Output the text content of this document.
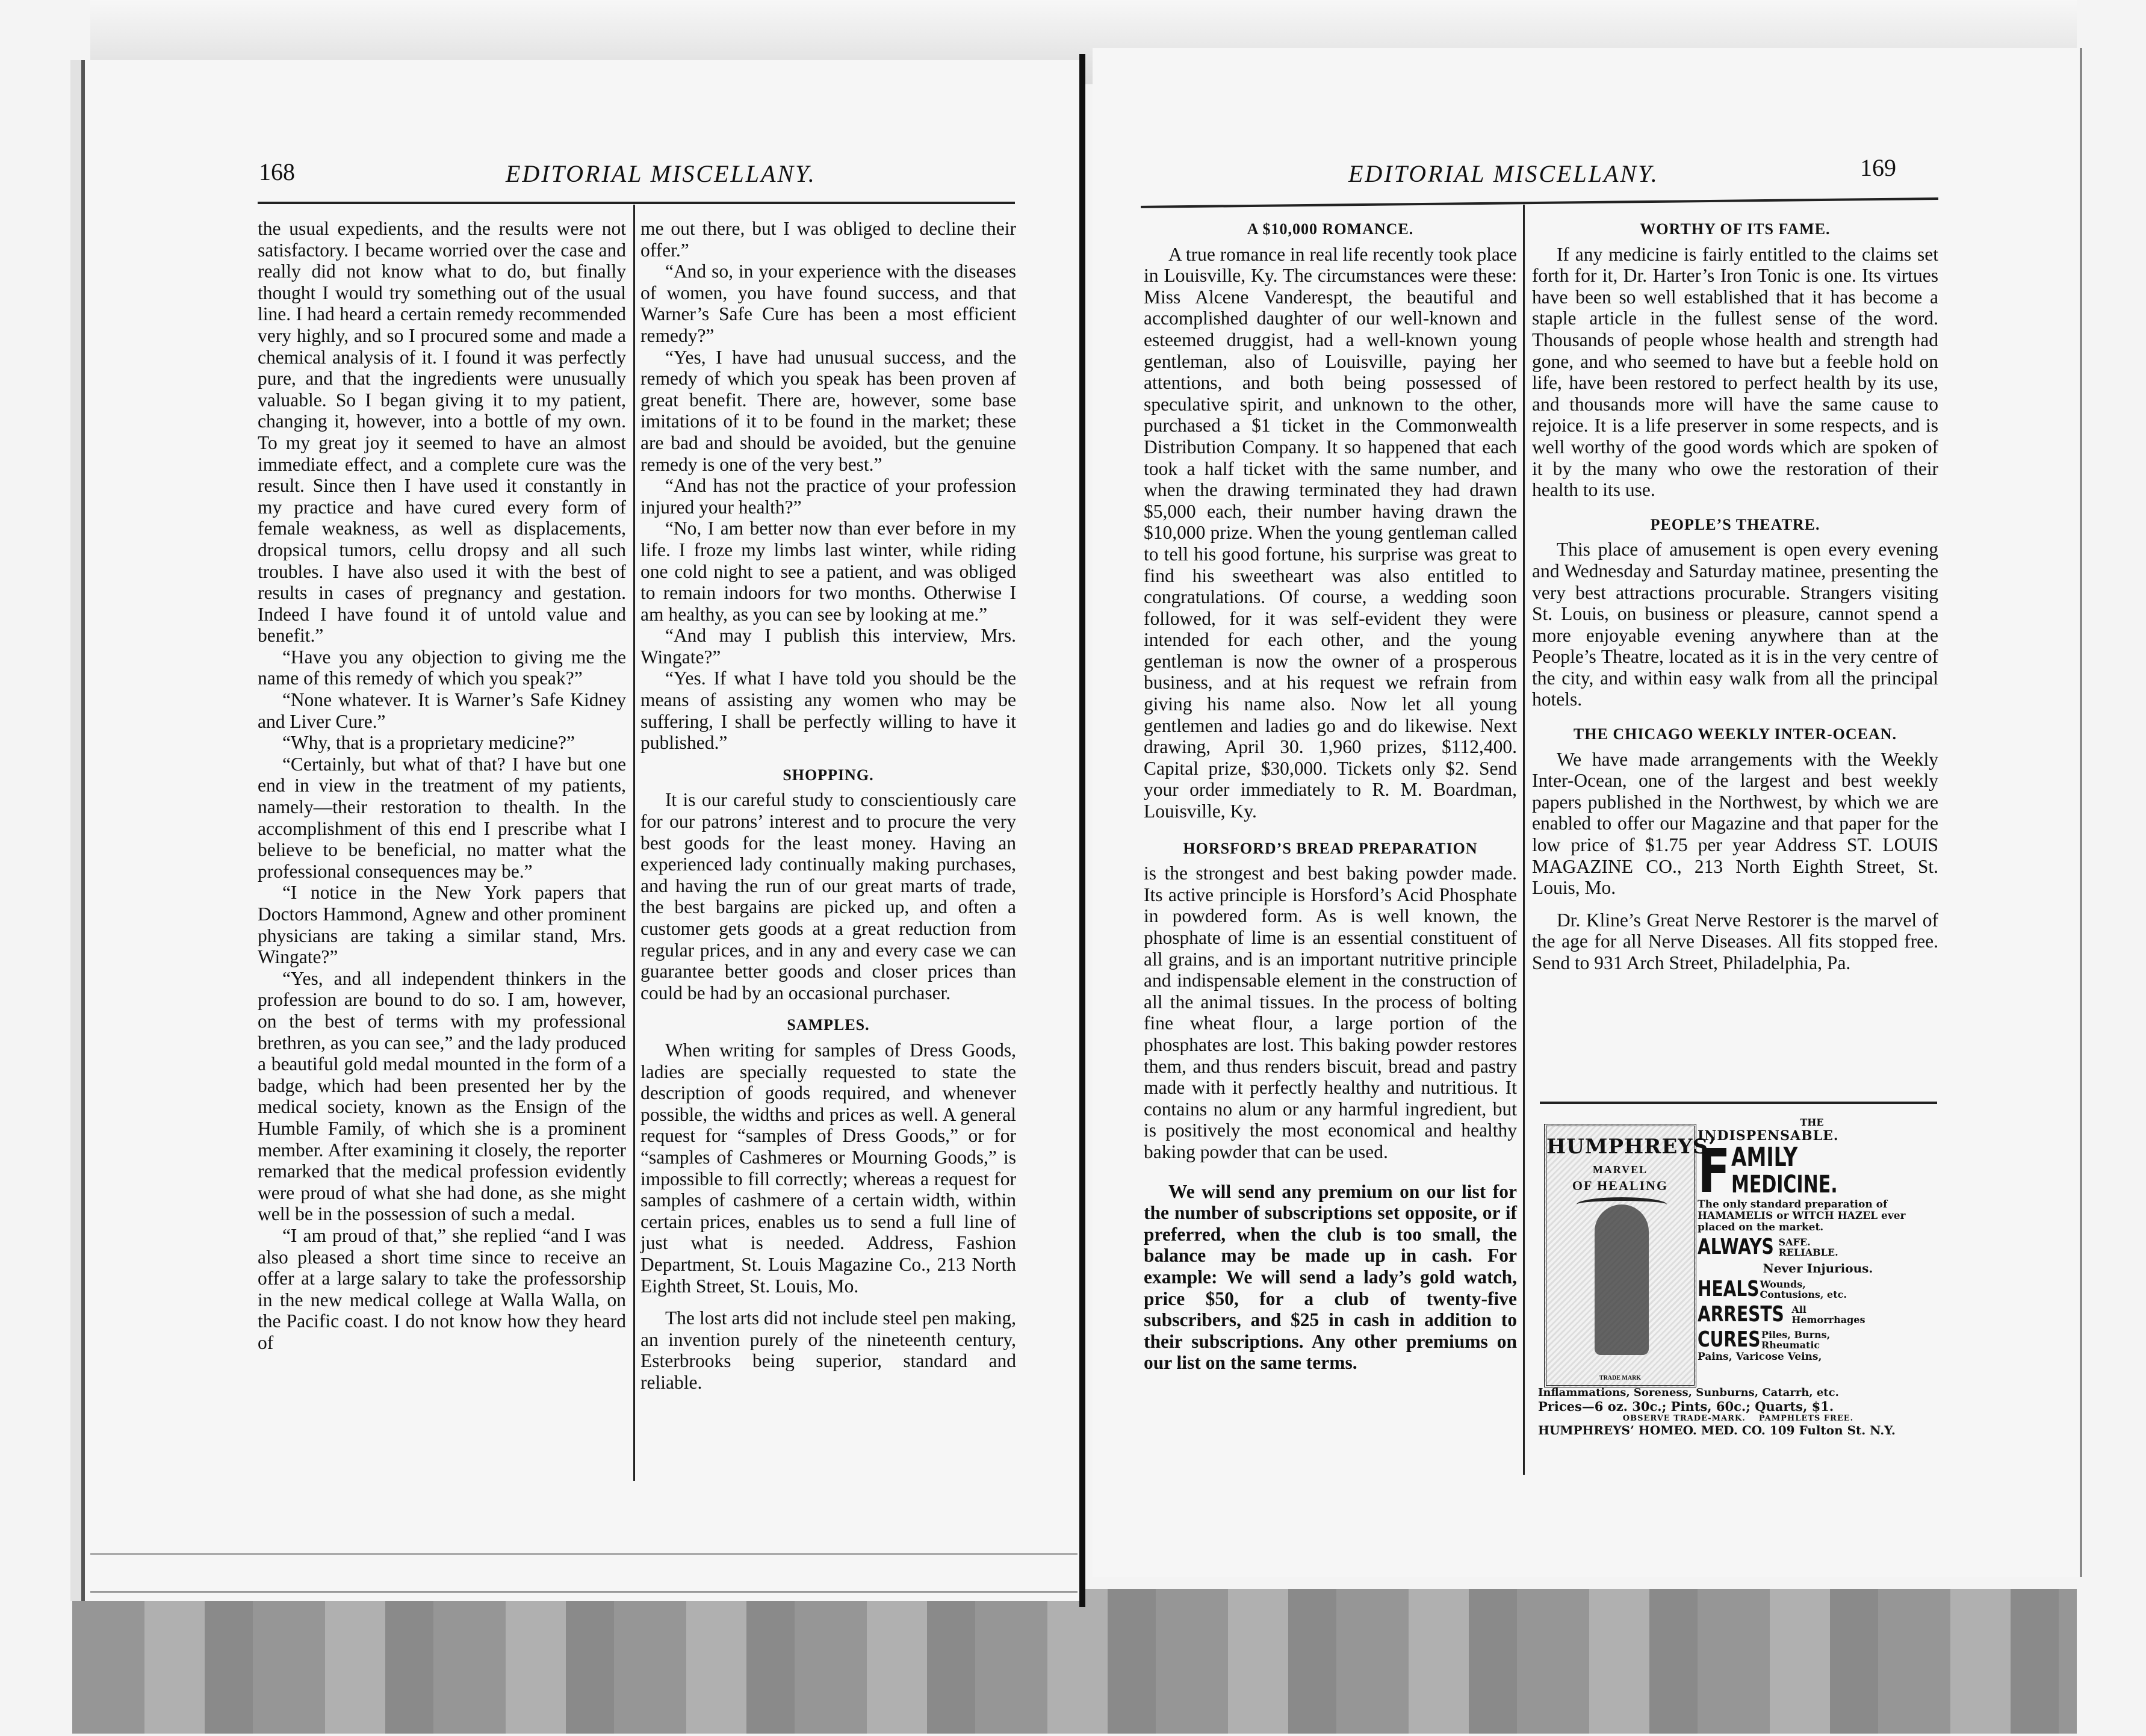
168	EDITORIAL MISCELLANY.

the usual expedients, and the results were not satisfactory. I became worried over the case and really did not know what to do, but finally thought I would try something out of the usual line. I had heard a certain remedy recommended very highly, and so I procured some and made a chemical analysis of it. I found it was perfectly pure, and that the ingredients were unusually valuable. So I began giving it to my patient, changing it, however, into a bottle of my own. To my great joy it seemed to have an almost immediate effect, and a complete cure was the result. Since then I have used it constantly in my practice and have cured every form of female weakness, as well as displacements, dropsical tumors, cellu dropsy and all such troubles. I have also used it with the best of results in cases of pregnancy and gestation. Indeed I have found it of untold value and benefit.”

“Have you any objection to giving me the name of this remedy of which you speak?”

“None whatever. It is Warner’s Safe Kidney and Liver Cure.”

“Why, that is a proprietary medicine?”

“Certainly, but what of that? I have but one end in view in the treatment of my patients, namely—their restoration to thealth. In the accomplishment of this end I prescribe what I believe to be beneficial, no matter what the professional consequences may be.”

“I notice in the New York papers that Doctors Hammond, Agnew and other prominent physicians are taking a similar stand, Mrs. Wingate?”

“Yes, and all independent thinkers in the profession are bound to do so. I am, however, on the best of terms with my professional brethren, as you can see,” and the lady produced a beautiful gold medal mounted in the form of a badge, which had been presented her by the medical society, known as the Ensign of the Humble Family, of which she is a prominent member. After examining it closely, the reporter remarked that the medical profession evidently were proud of what she had done, as she might well be in the possession of such a medal.

“I am proud of that,” she replied “and I was also pleased a short time since to receive an offer at a large salary to take the professorship in the new medical college at Walla Walla, on the Pacific coast. I do not know how they heard of

me out there, but I was obliged to decline their offer.”

“And so, in your experience with the diseases of women, you have found success, and that Warner’s Safe Cure has been a most efficient remedy?”

“Yes, I have had unusual success, and the remedy of which you speak has been proven af great benefit. There are, however, some base imitations of it to be found in the market; these are bad and should be avoided, but the genuine remedy is one of the very best.”

“And has not the practice of your profession injured your health?”

“No, I am better now than ever before in my life. I froze my limbs last winter, while riding one cold night to see a patient, and was obliged to remain indoors for two months. Otherwise I am healthy, as you can see by looking at me.”

“And may I publish this interview, Mrs. Wingate?”

“Yes. If what I have told you should be the means of assisting any women who may be suffering, I shall be perfectly willing to have it published.”

SHOPPING.

It is our careful study to conscientiously care for our patrons’ interest and to procure the very best goods for the least money. Having an experienced lady continually making purchases, and having the run of our great marts of trade, the best bargains are picked up, and often a customer gets goods at a great reduction from regular prices, and in any and every case we can guarantee better goods and closer prices than could be had by an occasional purchaser.

SAMPLES.

When writing for samples of Dress Goods, ladies are specially requested to state the description of goods required, and whenever possible, the widths and prices as well. A general request for “samples of Dress Goods,” or for “samples of Cashmeres or Mourning Goods,” is impossible to fill correctly; whereas a request for samples of cashmere of a certain width, within certain prices, enables us to send a full line of just what is needed. Address, Fashion Department, St. Louis Magazine Co., 213 North Eighth Street, St. Louis, Mo.

The lost arts did not include steel pen making, an invention purely of the nineteenth century, Esterbrooks being superior, standard and reliable.

EDITORIAL MISCELLANY.	169
A $10,000 ROMANCE.

A true romance in real life recently took place in Louisville, Ky. The circumstances were these: Miss Alcene Vanderespt, the beautiful and accomplished daughter of our well-known and esteemed druggist, had a well-known young gentleman, also of Louisville, paying her attentions, and both being possessed of speculative spirit, and unknown to the other, purchased a $1 ticket in the Commonwealth Distribution Company. It so happened that each took a half ticket with the same number, and when the drawing terminated they had drawn $5,000 each, their number having drawn the $10,000 prize. When the young gentleman called to tell his good fortune, his surprise was great to find his sweetheart was also entitled to congratulations. Of course, a wedding soon followed, for it was self-evident they were intended for each other, and the young gentleman is now the owner of a prosperous business, and at his request we refrain from giving his name also. Now let all young gentlemen and ladies go and do likewise. Next drawing, April 30. 1,960 prizes, $112,400. Capital prize, $30,000. Tickets only $2. Send your order immediately to R. M. Boardman, Louisville, Ky.

HORSFORD’S BREAD PREPARATION

is the strongest and best baking powder made. Its active principle is Horsford’s Acid Phosphate in powdered form. As is well known, the phosphate of lime is an essential constituent of all grains, and is an important nutritive principle and indispensable element in the construction of all the animal tissues. In the process of bolting fine wheat flour, a large portion of the phosphates are lost. This baking powder restores them, and thus renders biscuit, bread and pastry made with it perfectly healthy and nutritious. It contains no alum or any harmful ingredient, but is positively the most economical and healthy baking powder that can be used.

We will send any premium on our list for the number of subscriptions set opposite, or if preferred, when the club is too small, the balance may be made up in cash. For example: We will send a lady’s gold watch, price $50, for a club of twenty-five subscribers, and $25 in cash in addition to their subscriptions. Any other premiums on our list on the same terms.

WORTHY OF ITS FAME.

If any medicine is fairly entitled to the claims set forth for it, Dr. Harter’s Iron Tonic is one. Its virtues have been so well established that it has become a staple article in the fullest sense of the word. Thousands of people whose health and strength had gone, and who seemed to have but a feeble hold on life, have been restored to perfect health by its use, and thousands more will have the same cause to rejoice. It is a life preserver in some respects, and is well worthy of the good words which are spoken of it by the many who owe the restoration of their health to its use.

PEOPLE’S THEATRE.

This place of amusement is open every evening and Wednesday and Saturday matinee, presenting the very best attractions procurable. Strangers visiting St. Louis, on business or pleasure, cannot spend a more enjoyable evening anywhere than at the People’s Theatre, located as it is in the very centre of the city, and within easy walk from all the principal hotels.

THE CHICAGO WEEKLY INTER-OCEAN.

We have made arrangements with the Weekly Inter-Ocean, one of the largest and best weekly papers published in the Northwest, by which we are enabled to offer our Magazine and that paper for the low price of $1.75 per year Address ST. LOUIS MAGAZINE CO., 213 North Eighth Street, St. Louis, Mo.

Dr. Kline’s Great Nerve Restorer is the marvel of the age for all Nerve Diseases. All fits stopped free. Send to 931 Arch Street, Philadelphia, Pa.

HUMPHREYS’
MARVEL
OF HEALING
TRADE MARK
THE
INDISPENSABLE.
F AMILY
MEDICINE.
The only standard preparation of HAMAMELIS or WITCH HAZEL ever placed on the market.
ALWAYS SAFE.
RELIABLE.
Never Injurious.
HEALS Wounds, Contusions, etc.
ARRESTS All Hemorrhages
CURES Piles, Burns, Rheumatic
Pains, Varicose Veins,
Inflammations, Soreness, Sunburns, Catarrh, etc.
Prices—6 oz. 30c.; Pints, 60c.; Quarts, $1.
OBSERVE TRADE-MARK.    PAMPHLETS FREE.
HUMPHREYS’ HOMEO. MED. CO. 109 Fulton St. N.Y.
